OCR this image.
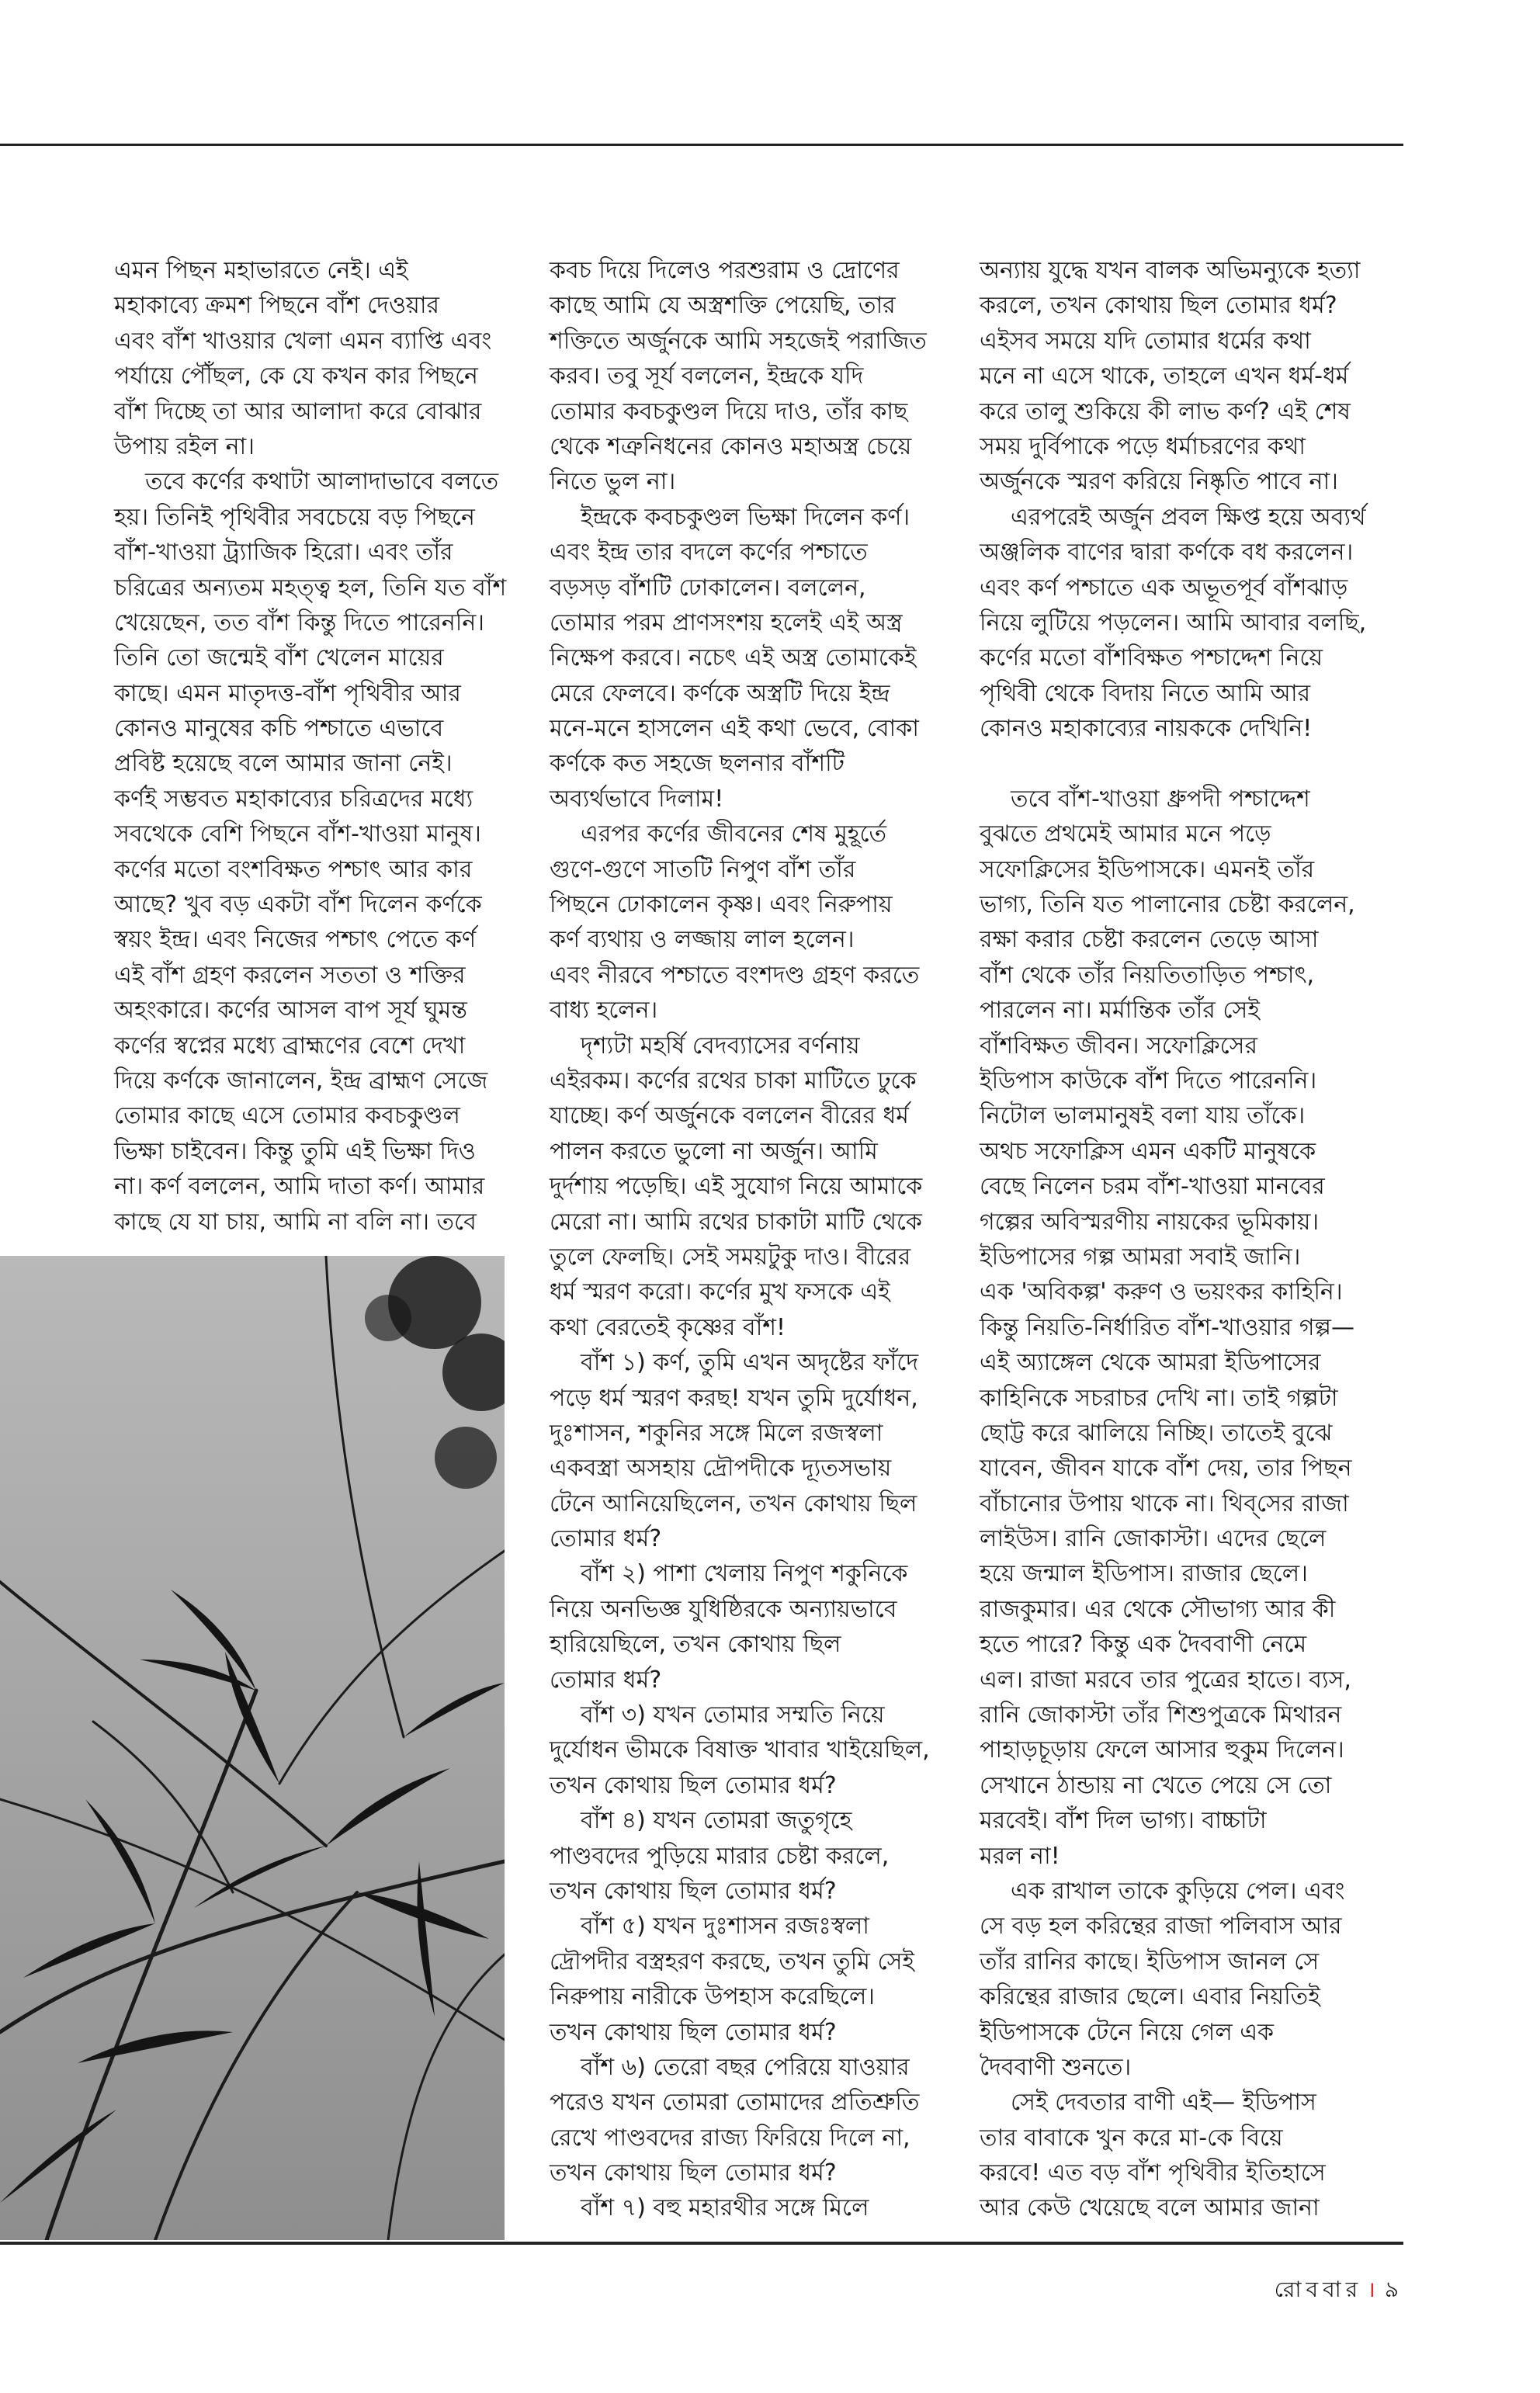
এমন পিছন মহাভারতে নেই। এই
মহাকাব্যে ক্রমশ পিছনে বাঁশ দেওয়ার
এবং বাঁশ খাওয়ার খেলা এমন ব্যাপ্তি এবং
পর্যায়ে পৌঁছল, কে যে কখন কার পিছনে
বাঁশ দিচ্ছে তা আর আলাদা করে বোঝার
উপায় রইল না।
তবে কর্ণের কথাটা আলাদাভাবে বলতে
হয়। তিনিই পৃথিবীর সবচেয়ে বড় পিছনে
বাঁশ-খাওয়া ট্র্যাজিক হিরো। এবং তাঁর
চরিত্রের অন্যতম মহত্ত্ব হল, তিনি যত বাঁশ
খেয়েছেন, তত বাঁশ কিন্তু দিতে পারেননি।
তিনি তো জন্মেই বাঁশ খেলেন মায়ের
কাছে। এমন মাতৃদত্ত-বাঁশ পৃথিবীর আর
কোনও মানুষের কচি পশ্চাতে এভাবে
প্রবিষ্ট হয়েছে বলে আমার জানা নেই।
কর্ণই সম্ভবত মহাকাব্যের চরিত্রদের মধ্যে
সবথেকে বেশি পিছনে বাঁশ-খাওয়া মানুষ।
কর্ণের মতো বংশবিক্ষত পশ্চাৎ আর কার
আছে? খুব বড় একটা বাঁশ দিলেন কর্ণকে
স্বয়ং ইন্দ্র। এবং নিজের পশ্চাৎ পেতে কর্ণ
এই বাঁশ গ্রহণ করলেন সততা ও শক্তির
অহংকারে। কর্ণের আসল বাপ সূর্য ঘুমন্ত
কর্ণের স্বপ্নের মধ্যে ব্রাহ্মণের বেশে দেখা
দিয়ে কর্ণকে জানালেন, ইন্দ্র ব্রাহ্মণ সেজে
তোমার কাছে এসে তোমার কবচকুণ্ডল
ভিক্ষা চাইবেন। কিন্তু তুমি এই ভিক্ষা দিও
না। কর্ণ বললেন, আমি দাতা কর্ণ। আমার
কাছে যে যা চায়, আমি না বলি না। তবে
কবচ দিয়ে দিলেও পরশুরাম ও দ্রোণের
কাছে আমি যে অস্ত্রশক্তি পেয়েছি, তার
শক্তিতে অর্জুনকে আমি সহজেই পরাজিত
করব। তবু সূর্য বললেন, ইন্দ্রকে যদি
তোমার কবচকুণ্ডল দিয়ে দাও, তাঁর কাছ
থেকে শত্রুনিধনের কোনও মহাঅস্ত্র চেয়ে
নিতে ভুল না।
ইন্দ্রকে কবচকুণ্ডল ভিক্ষা দিলেন কর্ণ।
এবং ইন্দ্র তার বদলে কর্ণের পশ্চাতে
বড়সড় বাঁশটি ঢোকালেন। বললেন,
তোমার পরম প্রাণসংশয় হলেই এই অস্ত্র
নিক্ষেপ করবে। নচেৎ এই অস্ত্র তোমাকেই
মেরে ফেলবে। কর্ণকে অস্ত্রটি দিয়ে ইন্দ্র
মনে-মনে হাসলেন এই কথা ভেবে, বোকা
কর্ণকে কত সহজে ছলনার বাঁশটি
অব্যর্থভাবে দিলাম!
এরপর কর্ণের জীবনের শেষ মুহূর্তে
গুণে-গুণে সাতটি নিপুণ বাঁশ তাঁর
পিছনে ঢোকালেন কৃষ্ণ। এবং নিরুপায়
কর্ণ ব্যথায় ও লজ্জায় লাল হলেন।
এবং নীরবে পশ্চাতে বংশদণ্ড গ্রহণ করতে
বাধ্য হলেন।
দৃশ্যটা মহর্ষি বেদব্যাসের বর্ণনায়
এইরকম। কর্ণের রথের চাকা মাটিতে ঢুকে
যাচ্ছে। কর্ণ অর্জুনকে বললেন বীরের ধর্ম
পালন করতে ভুলো না অর্জুন। আমি
দুর্দশায় পড়েছি। এই সুযোগ নিয়ে আমাকে
মেরো না। আমি রথের চাকাটা মাটি থেকে
তুলে ফেলছি। সেই সময়টুকু দাও। বীরের
ধর্ম স্মরণ করো। কর্ণের মুখ ফসকে এই
কথা বেরতেই কৃষ্ণের বাঁশ!
বাঁশ ১) কর্ণ, তুমি এখন অদৃষ্টের ফাঁদে
পড়ে ধর্ম স্মরণ করছ! যখন তুমি দুর্যোধন,
দুঃশাসন, শকুনির সঙ্গে মিলে রজস্বলা
একবস্ত্রা অসহায় দ্রৌপদীকে দ্যূতসভায়
টেনে আনিয়েছিলেন, তখন কোথায় ছিল
তোমার ধর্ম?
বাঁশ ২) পাশা খেলায় নিপুণ শকুনিকে
নিয়ে অনভিজ্ঞ যুধিষ্ঠিরকে অন্যায়ভাবে
হারিয়েছিলে, তখন কোথায় ছিল
তোমার ধর্ম?
বাঁশ ৩) যখন তোমার সম্মতি নিয়ে
দুর্যোধন ভীমকে বিষাক্ত খাবার খাইয়েছিল,
তখন কোথায় ছিল তোমার ধর্ম?
বাঁশ ৪) যখন তোমরা জতুগৃহে
পাণ্ডবদের পুড়িয়ে মারার চেষ্টা করলে,
তখন কোথায় ছিল তোমার ধর্ম?
বাঁশ ৫) যখন দুঃশাসন রজঃস্বলা
দ্রৌপদীর বস্ত্রহরণ করছে, তখন তুমি সেই
নিরুপায় নারীকে উপহাস করেছিলে।
তখন কোথায় ছিল তোমার ধর্ম?
বাঁশ ৬) তেরো বছর পেরিয়ে যাওয়ার
পরেও যখন তোমরা তোমাদের প্রতিশ্রুতি
রেখে পাণ্ডবদের রাজ্য ফিরিয়ে দিলে না,
তখন কোথায় ছিল তোমার ধর্ম?
বাঁশ ৭) বহু মহারথীর সঙ্গে মিলে
অন্যায় যুদ্ধে যখন বালক অভিমন্যুকে হত্যা
করলে, তখন কোথায় ছিল তোমার ধর্ম?
এইসব সময়ে যদি তোমার ধর্মের কথা
মনে না এসে থাকে, তাহলে এখন ধর্ম-ধর্ম
করে তালু শুকিয়ে কী লাভ কর্ণ? এই শেষ
সময় দুর্বিপাকে পড়ে ধর্মাচরণের কথা
অর্জুনকে স্মরণ করিয়ে নিষ্কৃতি পাবে না।
এরপরেই অর্জুন প্রবল ক্ষিপ্ত হয়ে অব্যর্থ
অঞ্জলিক বাণের দ্বারা কর্ণকে বধ করলেন।
এবং কর্ণ পশ্চাতে এক অভূতপূর্ব বাঁশঝাড়
নিয়ে লুটিয়ে পড়লেন। আমি আবার বলছি,
কর্ণের মতো বাঁশবিক্ষত পশ্চাদ্দেশ নিয়ে
পৃথিবী থেকে বিদায় নিতে আমি আর
কোনও মহাকাব্যের নায়ককে দেখিনি!
তবে বাঁশ-খাওয়া ধ্রুপদী পশ্চাদ্দেশ
বুঝতে প্রথমেই আমার মনে পড়ে
সফোক্লিসের ইডিপাসকে। এমনই তাঁর
ভাগ্য, তিনি যত পালানোর চেষ্টা করলেন,
রক্ষা করার চেষ্টা করলেন তেড়ে আসা
বাঁশ থেকে তাঁর নিয়তিতাড়িত পশ্চাৎ,
পারলেন না। মর্মান্তিক তাঁর সেই
বাঁশবিক্ষত জীবন। সফোক্লিসের
ইডিপাস কাউকে বাঁশ দিতে পারেননি।
নিটোল ভালমানুষই বলা যায় তাঁকে।
অথচ সফোক্লিস এমন একটি মানুষকে
বেছে নিলেন চরম বাঁশ-খাওয়া মানবের
গল্পের অবিস্মরণীয় নায়কের ভূমিকায়।
ইডিপাসের গল্প আমরা সবাই জানি।
এক 'অবিকল্প' করুণ ও ভয়ংকর কাহিনি।
কিন্তু নিয়তি-নির্ধারিত বাঁশ-খাওয়ার গল্প—
এই অ্যাঙ্গেল থেকে আমরা ইডিপাসের
কাহিনিকে সচরাচর দেখি না। তাই গল্পটা
ছোট্ট করে ঝালিয়ে নিচ্ছি। তাতেই বুঝে
যাবেন, জীবন যাকে বাঁশ দেয়, তার পিছন
বাঁচানোর উপায় থাকে না। থিব্‌সের রাজা
লাইউস। রানি জোকাস্টা। এদের ছেলে
হয়ে জন্মাল ইডিপাস। রাজার ছেলে।
রাজকুমার। এর থেকে সৌভাগ্য আর কী
হতে পারে? কিন্তু এক দৈববাণী নেমে
এল। রাজা মরবে তার পুত্রের হাতে। ব্যস,
রানি জোকাস্টা তাঁর শিশুপুত্রকে মিথারন
পাহাড়চূড়ায় ফেলে আসার হুকুম দিলেন।
সেখানে ঠান্ডায় না খেতে পেয়ে সে তো
মরবেই। বাঁশ দিল ভাগ্য। বাচ্চাটা
মরল না!
এক রাখাল তাকে কুড়িয়ে পেল। এবং
সে বড় হল করিন্থের রাজা পলিবাস আর
তাঁর রানির কাছে। ইডিপাস জানল সে
করিন্থের রাজার ছেলে। এবার নিয়তিই
ইডিপাসকে টেনে নিয়ে গেল এক
দৈববাণী শুনতে।
সেই দেবতার বাণী এই— ইডিপাস
তার বাবাকে খুন করে মা-কে বিয়ে
করবে! এত বড় বাঁশ পৃথিবীর ইতিহাসে
আর কেউ খেয়েছে বলে আমার জানা
রোববার । ৯
